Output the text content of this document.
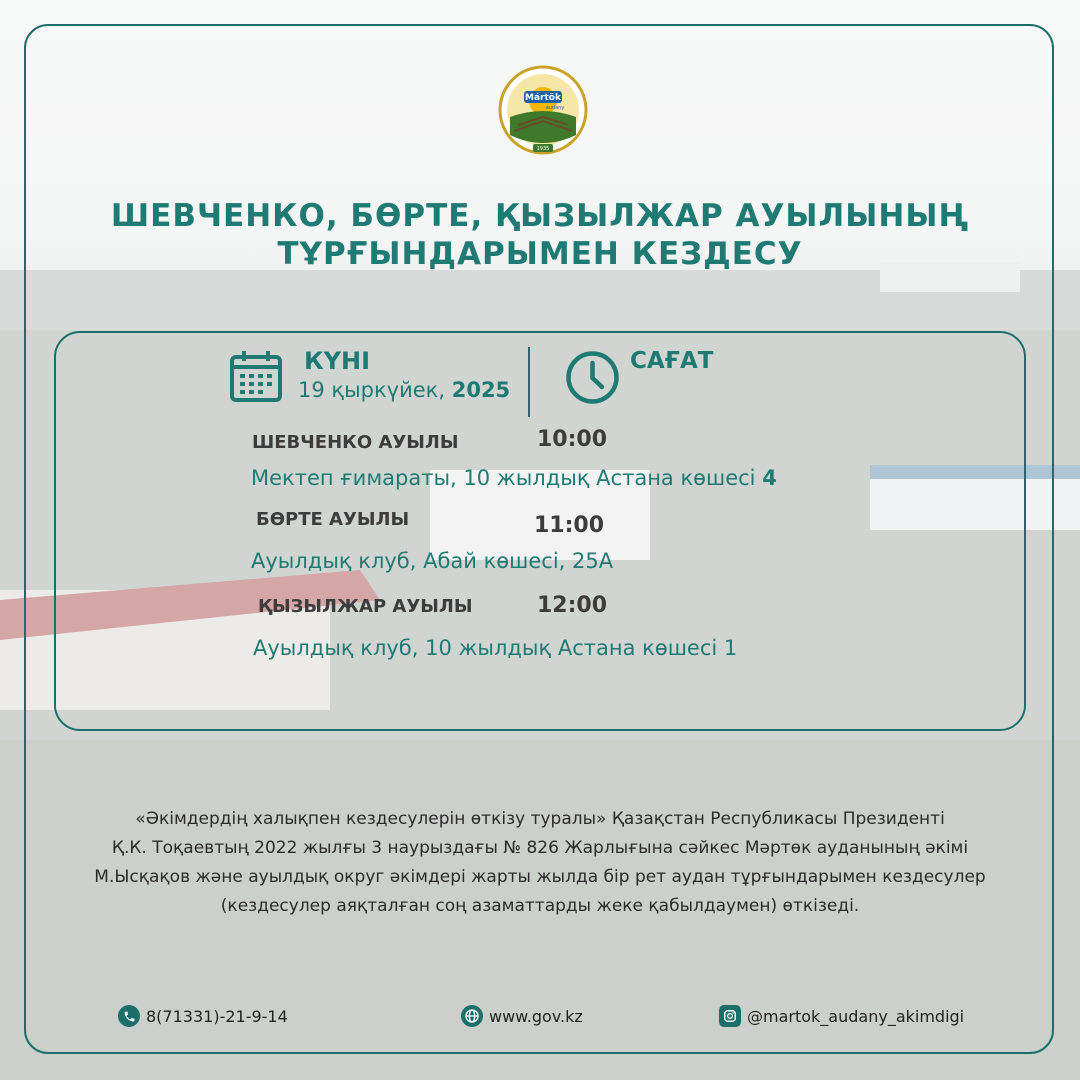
Mártök
audany
1935
ШЕВЧЕНКО, БӨРТЕ, ҚЫЗЫЛЖАР АУЫЛЫНЫҢ
ТҰРҒЫНДАРЫМЕН КЕЗДЕСУ
КҮНІ
19 қыркүйек, 2025
САҒАТ
ШЕВЧЕНКО АУЫЛЫ	10:00
Мектеп ғимараты, 10 жылдық Астана көшесі 4
БӨРТЕ АУЫЛЫ	11:00
Ауылдық клуб, Абай көшесі, 25А
ҚЫЗЫЛЖАР АУЫЛЫ	12:00
Ауылдық клуб, 10 жылдық Астана көшесі 1
«Әкімдердің халықпен кездесулерін өткізу туралы» Қазақстан Республикасы Президенті
Қ.К. Тоқаевтың 2022 жылғы 3 наурыздағы № 826 Жарлығына сәйкес Мәртөк ауданының әкімі
М.Ысқақов және ауылдық округ әкімдері жарты жылда бір рет аудан тұрғындарымен кездесулер
(кездесулер аяқталған соң азаматтарды жеке қабылдаумен) өткізеді.
8(71331)-21-9-14	www.gov.kz	@martok_audany_akimdigi
